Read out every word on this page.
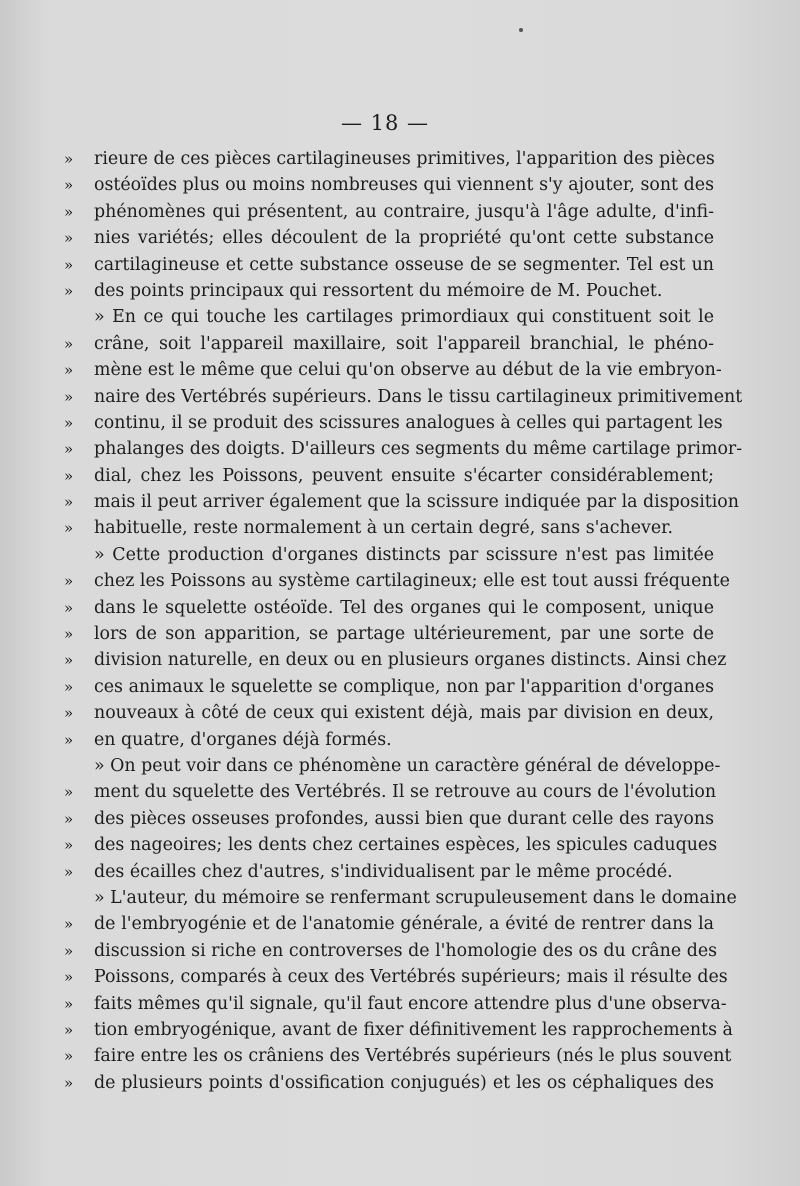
— 18 —
» rieure de ces pièces cartilagineuses primitives, l'apparition des pièces
» ostéoïdes plus ou moins nombreuses qui viennent s'y ajouter, sont des
» phénomènes qui présentent, au contraire, jusqu'à l'âge adulte, d'infi-
» nies variétés; elles découlent de la propriété qu'ont cette substance
» cartilagineuse et cette substance osseuse de se segmenter. Tel est un
» des points principaux qui ressortent du mémoire de M. Pouchet.
» En ce qui touche les cartilages primordiaux qui constituent soit le
» crâne, soit l'appareil maxillaire, soit l'appareil branchial, le phéno-
» mène est le même que celui qu'on observe au début de la vie embryon-
» naire des Vertébrés supérieurs. Dans le tissu cartilagineux primitivement
» continu, il se produit des scissures analogues à celles qui partagent les
» phalanges des doigts. D'ailleurs ces segments du même cartilage primor-
» dial, chez les Poissons, peuvent ensuite s'écarter considérablement;
» mais il peut arriver également que la scissure indiquée par la disposition
» habituelle, reste normalement à un certain degré, sans s'achever.
» Cette production d'organes distincts par scissure n'est pas limitée
» chez les Poissons au système cartilagineux; elle est tout aussi fréquente
» dans le squelette ostéoïde. Tel des organes qui le composent, unique
» lors de son apparition, se partage ultérieurement, par une sorte de
» division naturelle, en deux ou en plusieurs organes distincts. Ainsi chez
» ces animaux le squelette se complique, non par l'apparition d'organes
» nouveaux à côté de ceux qui existent déjà, mais par division en deux,
» en quatre, d'organes déjà formés.
» On peut voir dans ce phénomène un caractère général de développe-
» ment du squelette des Vertébrés. Il se retrouve au cours de l'évolution
» des pièces osseuses profondes, aussi bien que durant celle des rayons
» des nageoires; les dents chez certaines espèces, les spicules caduques
» des écailles chez d'autres, s'individualisent par le même procédé.
» L'auteur, du mémoire se renfermant scrupuleusement dans le domaine
» de l'embryogénie et de l'anatomie générale, a évité de rentrer dans la
» discussion si riche en controverses de l'homologie des os du crâne des
» Poissons, comparés à ceux des Vertébrés supérieurs; mais il résulte des
» faits mêmes qu'il signale, qu'il faut encore attendre plus d'une observa-
» tion embryogénique, avant de fixer définitivement les rapprochements à
» faire entre les os crâniens des Vertébrés supérieurs (nés le plus souvent
» de plusieurs points d'ossification conjugués) et les os céphaliques des
